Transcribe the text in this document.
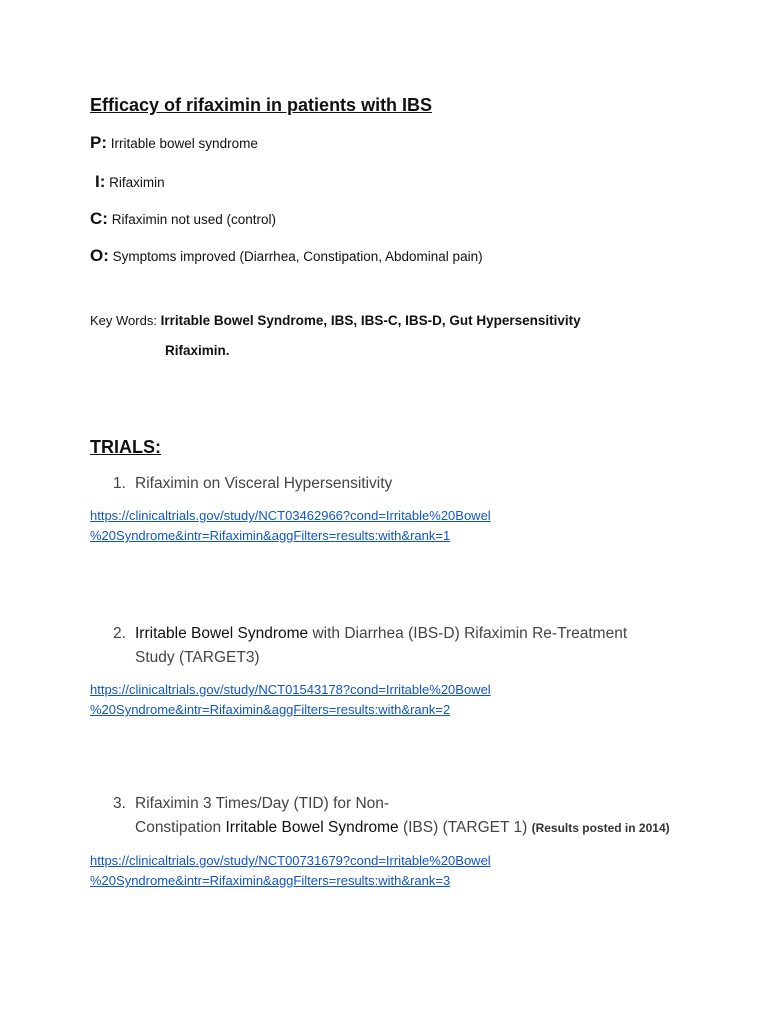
Efficacy of rifaximin in patients with IBS
P: Irritable bowel syndrome
I: Rifaximin
C: Rifaximin not used (control)
O: Symptoms improved (Diarrhea, Constipation, Abdominal pain)
Key Words: Irritable Bowel Syndrome, IBS, IBS-C, IBS-D, Gut Hypersensitivity
Rifaximin.
TRIALS:
1. Rifaximin on Visceral Hypersensitivity
https://clinicaltrials.gov/study/NCT03462966?cond=Irritable%20Bowel
%20Syndrome&intr=Rifaximin&aggFilters=results:with&rank=1
2. Irritable Bowel Syndrome with Diarrhea (IBS-D) Rifaximin Re-Treatment
Study (TARGET3)
https://clinicaltrials.gov/study/NCT01543178?cond=Irritable%20Bowel
%20Syndrome&intr=Rifaximin&aggFilters=results:with&rank=2
3. Rifaximin 3 Times/Day (TID) for Non-
Constipation Irritable Bowel Syndrome (IBS) (TARGET 1) (Results posted in 2014)
https://clinicaltrials.gov/study/NCT00731679?cond=Irritable%20Bowel
%20Syndrome&intr=Rifaximin&aggFilters=results:with&rank=3
